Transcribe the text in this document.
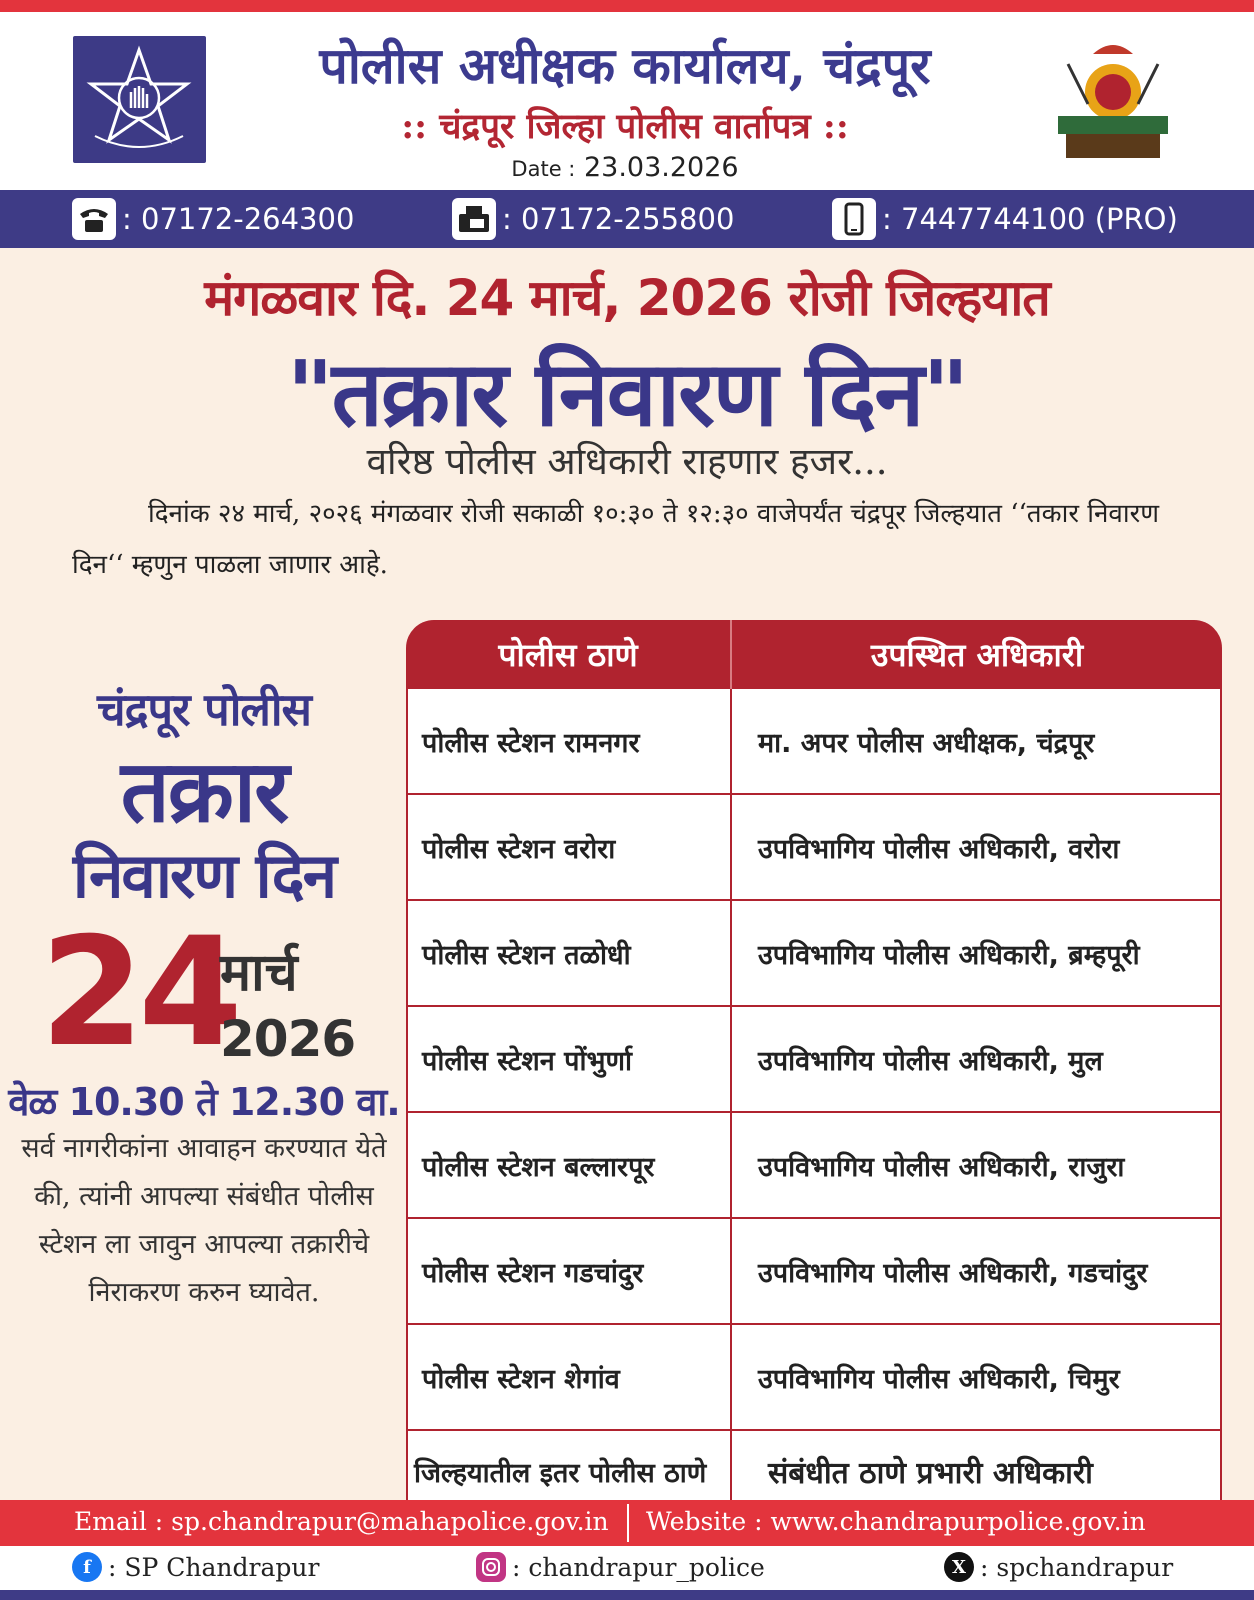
पोलीस अधीक्षक कार्यालय, चंद्रपूर
:: चंद्रपूर जिल्हा पोलीस वार्तापत्र ::
Date : 23.03.2026
: 07172-264300	: 07172-255800	: 7447744100 (PRO)
मंगळवार दि. 24 मार्च, 2026 रोजी जिल्हयात
"तक्रार निवारण दिन"
वरिष्ठ पोलीस अधिकारी राहणार हजर...
दिनांक २४ मार्च, २०२६ मंगळवार रोजी सकाळी १०:३० ते १२:३० वाजेपर्यंत चंद्रपूर जिल्हयात ‘‘तकार निवारण दिन‘‘ म्हणुन पाळला जाणार आहे.
चंद्रपूर पोलीस
तक्रार
निवारण दिन
24
मार्च
2026
वेळ 10.30 ते 12.30 वा.
सर्व नागरीकांना आवाहन करण्यात येते की, त्यांनी आपल्या संबंधीत पोलीस स्टेशन ला जावुन आपल्या तक्रारीचे निराकरण करुन घ्यावेत.
पोलीस ठाणे	उपस्थित अधिकारी
पोलीस स्टेशन रामनगर	मा. अपर पोलीस अधीक्षक, चंद्रपूर
पोलीस स्टेशन वरोरा	उपविभागिय पोलीस अधिकारी, वरोरा
पोलीस स्टेशन तळोधी	उपविभागिय पोलीस अधिकारी, ब्रम्हपूरी
पोलीस स्टेशन पोंभुर्णा	उपविभागिय पोलीस अधिकारी, मुल
पोलीस स्टेशन बल्लारपूर	उपविभागिय पोलीस अधिकारी, राजुरा
पोलीस स्टेशन गडचांदुर	उपविभागिय पोलीस अधिकारी, गडचांदुर
पोलीस स्टेशन शेगांव	उपविभागिय पोलीस अधिकारी, चिमुर
जिल्हयातील इतर पोलीस ठाणे	संबंधीत ठाणे प्रभारी अधिकारी
Email : sp.chandrapur@mahapolice.gov.in Website : www.chandrapurpolice.gov.in
f : SP Chandrapur	: chandrapur_police	X : spchandrapur
